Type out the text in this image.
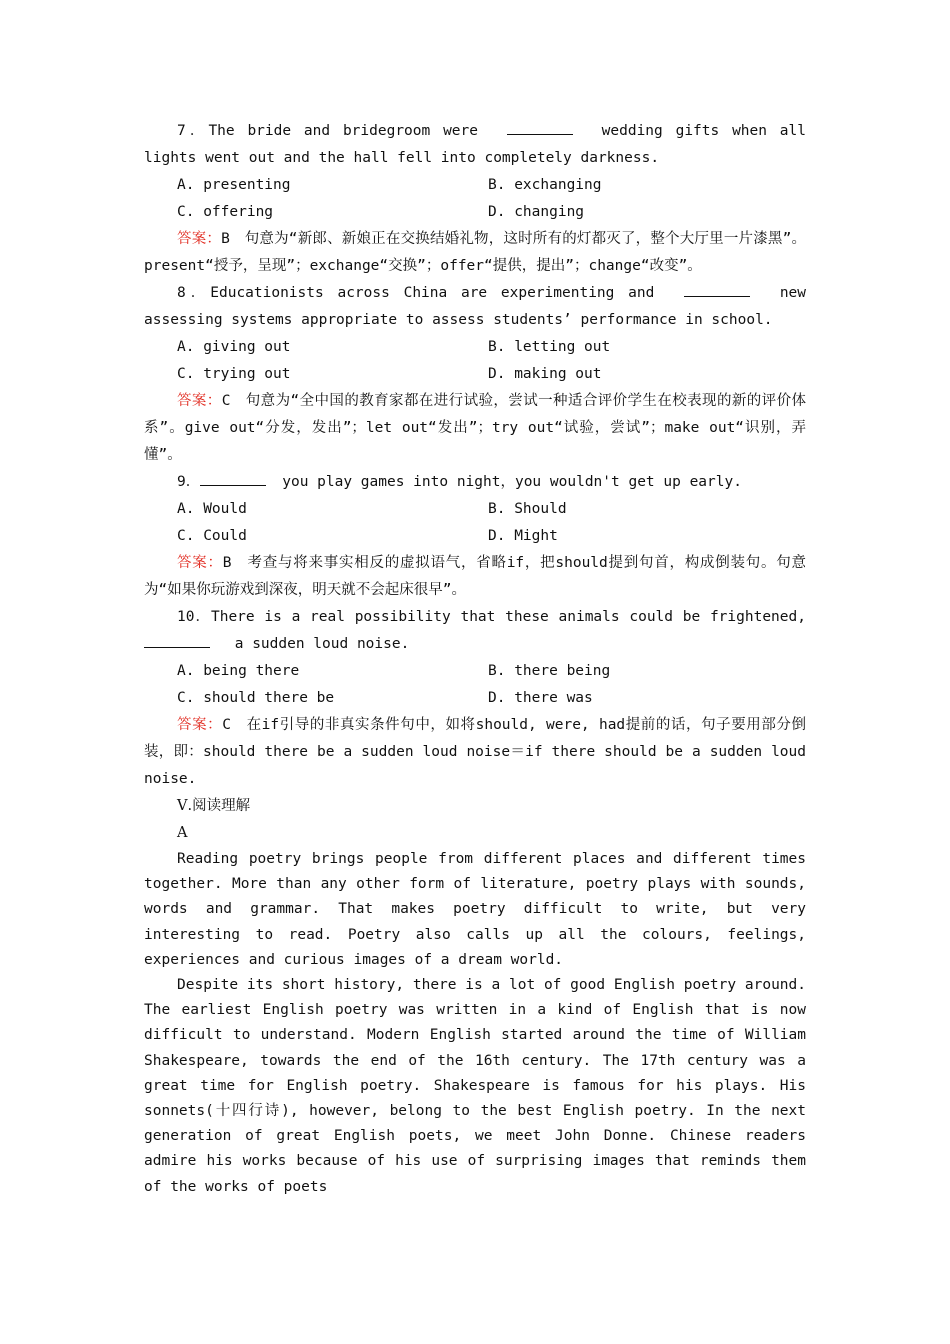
7．The bride and bridegroom were	wedding gifts when all lights went out and the hall fell into completely darkness.

A. presenting	B. exchanging
C. offering	D. changing

答案：B　句意为“新郎、新娘正在交换结婚礼物，这时所有的灯都灭了，整个大厅里一片漆黑”。present“授予，呈现”；exchange“交换”；offer“提供，提出”；change“改变”。

8．Educationists across China are experimenting and	new assessing systems appropriate to assess students’ performance in school.

A. giving out	B. letting out
C. trying out	D. making out

答案：C　句意为“全中国的教育家都在进行试验，尝试一种适合评价学生在校表现的新的评价体系”。give out“分发，发出”；let out“发出”；try out“试验，尝试”；make out“识别，弄懂”。

9．	you play games into night，you wouldn't get up early.

A. Would	B. Should
C. Could	D. Might

答案：B　考查与将来事实相反的虚拟语气，省略if，把should提到句首，构成倒装句。句意为“如果你玩游戏到深夜，明天就不会起床很早”。

10．There is a real possibility that these animals could be frightened,  a sudden loud noise.

A. being there	B. there being
C. should there be	D. there was

答案：C　在if引导的非真实条件句中，如将should, were, had提前的话，句子要用部分倒装，即：should there be a sudden loud noise＝if there should be a sudden loud noise.

Ⅴ.阅读理解

A

Reading poetry brings people from different places and different times together. More than any other form of literature, poetry plays with sounds, words and grammar. That makes poetry difficult to write, but very interesting to read. Poetry also calls up all the colours, feelings, experiences and curious images of a dream world.

Despite its short history, there is a lot of good English poetry around. The earliest English poetry was written in a kind of English that is now difficult to understand. Modern English started around the time of William Shakespeare, towards the end of the 16th century. The 17th century was a great time for English poetry. Shakespeare is famous for his plays. His sonnets(十四行诗), however, belong to the best English poetry. In the next generation of great English poets, we meet John Donne. Chinese readers admire his works because of his use of surprising images that reminds them of the works of poets
